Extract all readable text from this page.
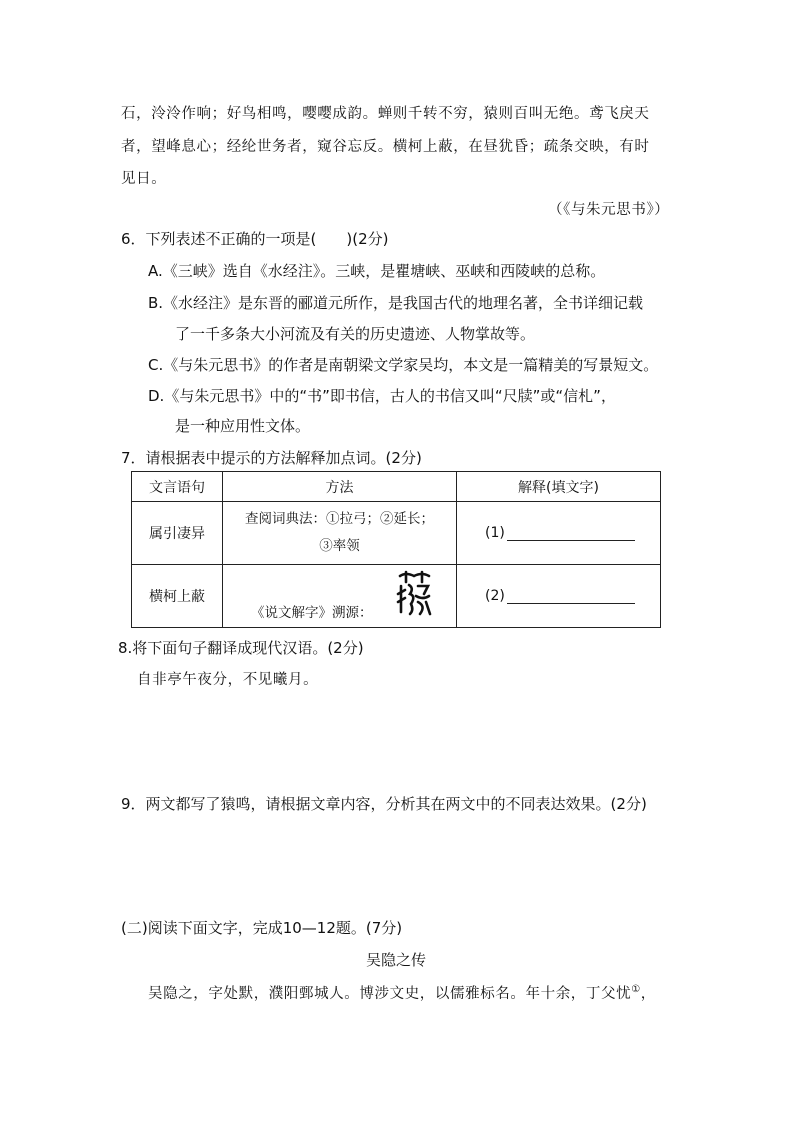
石，泠泠作响；好鸟相鸣，嘤嘤成韵。蝉则千转不穷，猿则百叫无绝。鸢飞戾天
者，望峰息心；经纶世务者，窥谷忘反。横柯上蔽，在昼犹昏；疏条交映，有时
见日。
（《与朱元思书》）
6．下列表述不正确的一项是(　　)(2分)
A.《三峡》选自《水经注》。三峡，是瞿塘峡、巫峡和西陵峡的总称。
B.《水经注》是东晋的郦道元所作，是我国古代的地理名著，全书详细记载
了一千多条大小河流及有关的历史遗迹、人物掌故等。
C.《与朱元思书》的作者是南朝梁文学家吴均，本文是一篇精美的写景短文。
D.《与朱元思书》中的“书”即书信，古人的书信又叫“尺牍”或“信札”，
是一种应用性文体。
7．请根据表中提示的方法解释加点词。(2分)
文言语句	方法	解释(填文字)
属引凄异	查阅词典法：①拉弓；②延长；
③率领	(1)
横柯上蔽	《说文解字》溯源：	(2)
8.将下面句子翻译成现代汉语。(2分)
自非亭午夜分，不见曦月。
9．两文都写了猿鸣，请根据文章内容，分析其在两文中的不同表达效果。(2分)
(二)阅读下面文字，完成10—12题。(7分)
吴隐之传
吴隐之，字处默，濮阳鄄城人。博涉文史，以儒雅标名。年十余，丁父忧①，
